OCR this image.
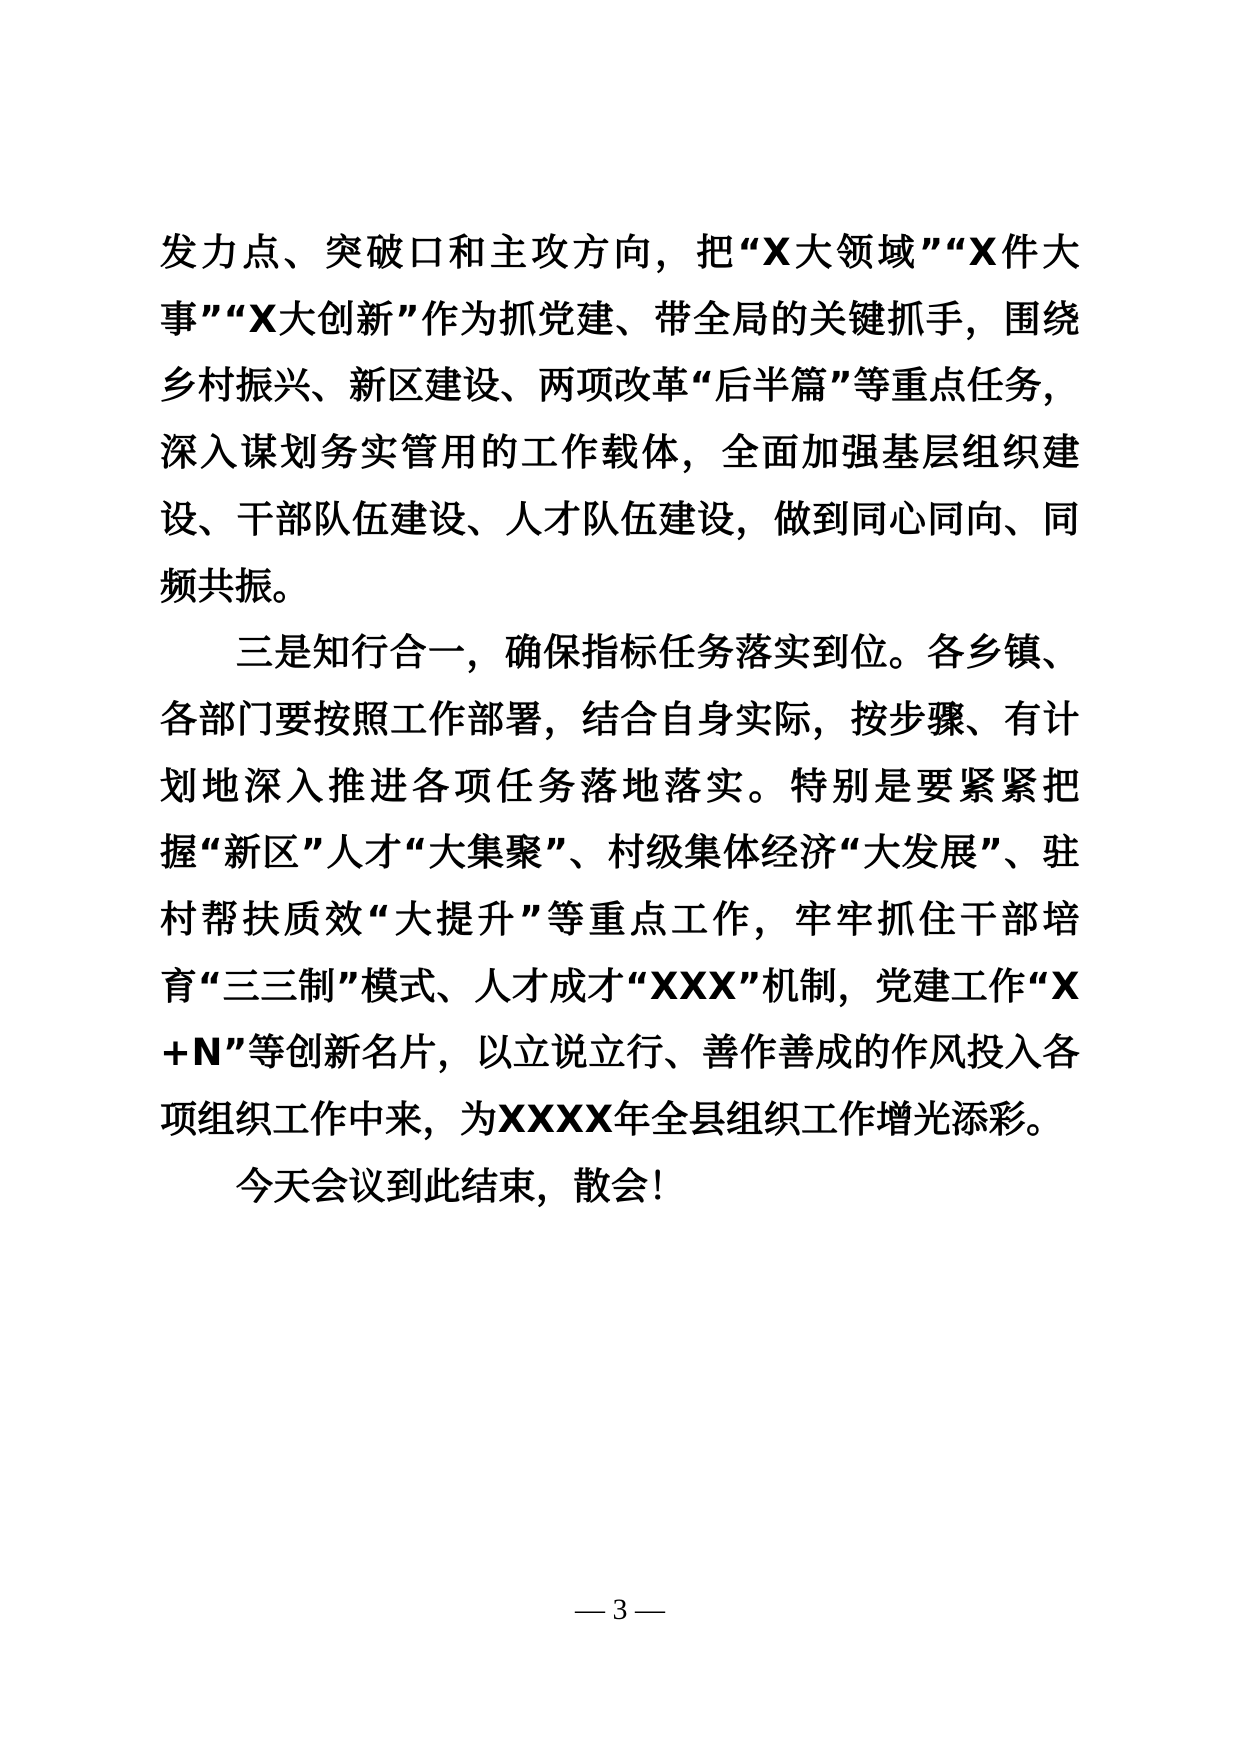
发力点、突破口和主攻方向，把“X大领域”“X件大事”“X大创新”作为抓党建、带全局的关键抓手，围绕乡村振兴、新区建设、两项改革“后半篇”等重点任务，深入谋划务实管用的工作载体，全面加强基层组织建设、干部队伍建设、人才队伍建设，做到同心同向、同频共振。

三是知行合一，确保指标任务落实到位。各乡镇、各部门要按照工作部署，结合自身实际，按步骤、有计划地深入推进各项任务落地落实。特别是要紧紧把握“新区”人才“大集聚”、村级集体经济“大发展”、驻村帮扶质效“大提升”等重点工作，牢牢抓住干部培育“三三制”模式、人才成才“XXX”机制，党建工作“X+N”等创新名片，以立说立行、善作善成的作风投入各项组织工作中来，为XXXX年全县组织工作增光添彩。

今天会议到此结束，散会！

— 3 —
